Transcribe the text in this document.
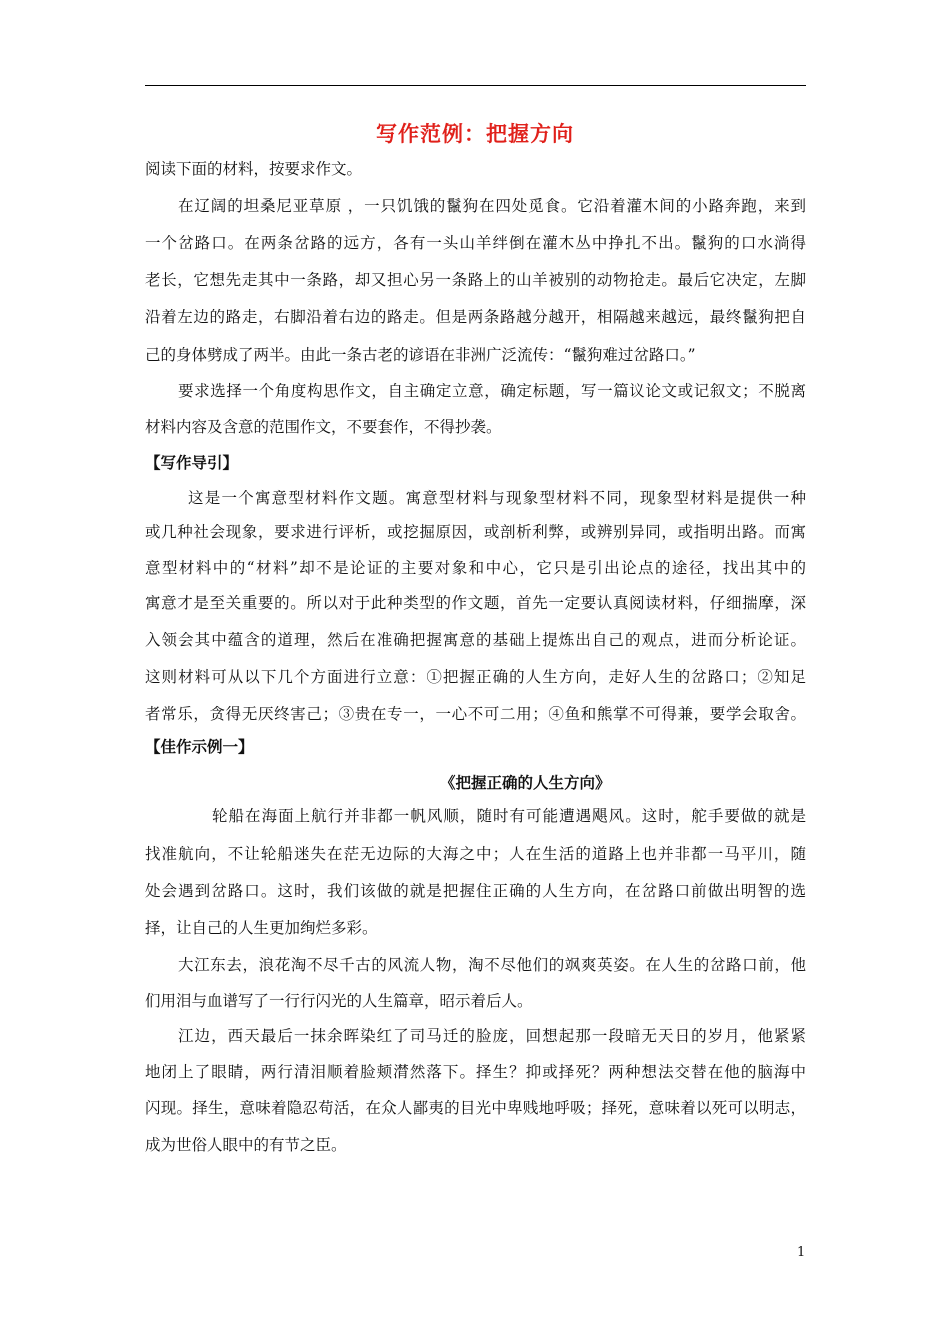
写作范例：把握方向
阅读下面的材料，按要求作文。
在辽阔的坦桑尼亚草原 ，一只饥饿的鬣狗在四处觅食。它沿着灌木间的小路奔跑，来到
一个岔路口。在两条岔路的远方，各有一头山羊绊倒在灌木丛中挣扎不出。鬣狗的口水淌得
老长，它想先走其中一条路，却又担心另一条路上的山羊被别的动物抢走。最后它决定，左脚
沿着左边的路走，右脚沿着右边的路走。但是两条路越分越开，相隔越来越远，最终鬣狗把自
己的身体劈成了两半。由此一条古老的谚语在非洲广泛流传：“鬣狗难过岔路口。”
要求选择一个角度构思作文，自主确定立意，确定标题，写一篇议论文或记叙文；不脱离
材料内容及含意的范围作文，不要套作，不得抄袭。
【写作导引】
这是一个寓意型材料作文题。寓意型材料与现象型材料不同，现象型材料是提供一种
或几种社会现象，要求进行评析，或挖掘原因，或剖析利弊，或辨别异同，或指明出路。而寓
意型材料中的“材料”却不是论证的主要对象和中心，它只是引出论点的途径，找出其中的
寓意才是至关重要的。所以对于此种类型的作文题，首先一定要认真阅读材料，仔细揣摩，深
入领会其中蕴含的道理，然后在准确把握寓意的基础上提炼出自己的观点，进而分析论证。
这则材料可从以下几个方面进行立意：①把握正确的人生方向，走好人生的岔路口；②知足
者常乐，贪得无厌终害己；③贵在专一，一心不可二用；④鱼和熊掌不可得兼，要学会取舍。
【佳作示例一】
《把握正确的人生方向》
轮船在海面上航行并非都一帆风顺，随时有可能遭遇飓风。这时，舵手要做的就是
找准航向，不让轮船迷失在茫无边际的大海之中；人在生活的道路上也并非都一马平川，随
处会遇到岔路口。这时，我们该做的就是把握住正确的人生方向，在岔路口前做出明智的选
择，让自己的人生更加绚烂多彩。
大江东去，浪花淘不尽千古的风流人物，淘不尽他们的飒爽英姿。在人生的岔路口前，他
们用泪与血谱写了一行行闪光的人生篇章，昭示着后人。
江边，西天最后一抹余晖染红了司马迁的脸庞，回想起那一段暗无天日的岁月，他紧紧
地闭上了眼睛，两行清泪顺着脸颊潸然落下。择生？抑或择死？两种想法交替在他的脑海中
闪现。择生，意味着隐忍苟活，在众人鄙夷的目光中卑贱地呼吸；择死，意味着以死可以明志，
成为世俗人眼中的有节之臣。
1
